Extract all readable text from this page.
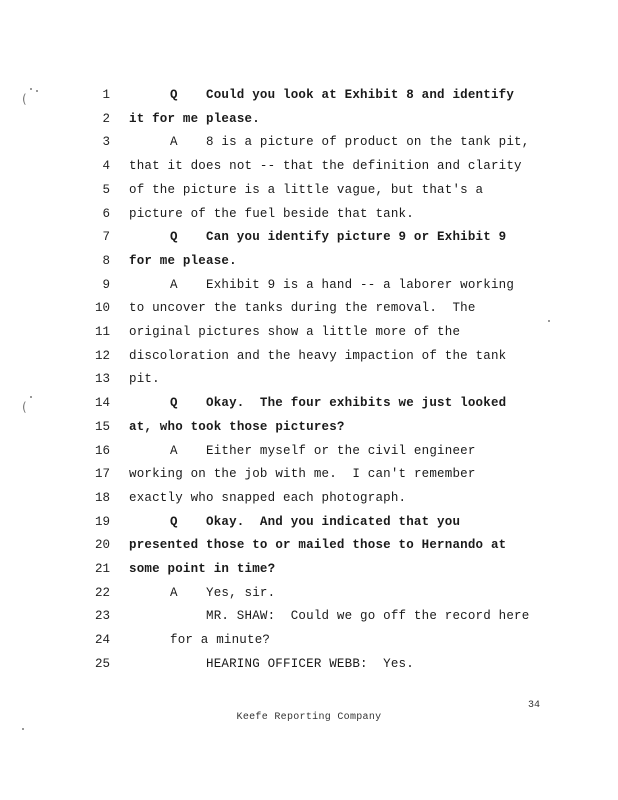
(
(
1	Q Could you look at Exhibit 8 and identify
2 it for me please.
3	A 8 is a picture of product on the tank pit,
4 that it does not -- that the definition and clarity
5 of the picture is a little vague, but that's a
6 picture of the fuel beside that tank.
7	Q Can you identify picture 9 or Exhibit 9
8 for me please.
9	A Exhibit 9 is a hand -- a laborer working
10 to uncover the tanks during the removal.  The
11 original pictures show a little more of the
12 discoloration and the heavy impaction of the tank
13 pit.
14	Q Okay.  The four exhibits we just looked
15 at, who took those pictures?
16	A Either myself or the civil engineer
17 working on the job with me.  I can't remember
18 exactly who snapped each photograph.
19	Q Okay.  And you indicated that you
20 presented those to or mailed those to Hernando at
21 some point in time?
22	A Yes, sir.
23	MR. SHAW:  Could we go off the record here
24	for a minute?
25	HEARING OFFICER WEBB:  Yes.
34
Keefe Reporting Company
